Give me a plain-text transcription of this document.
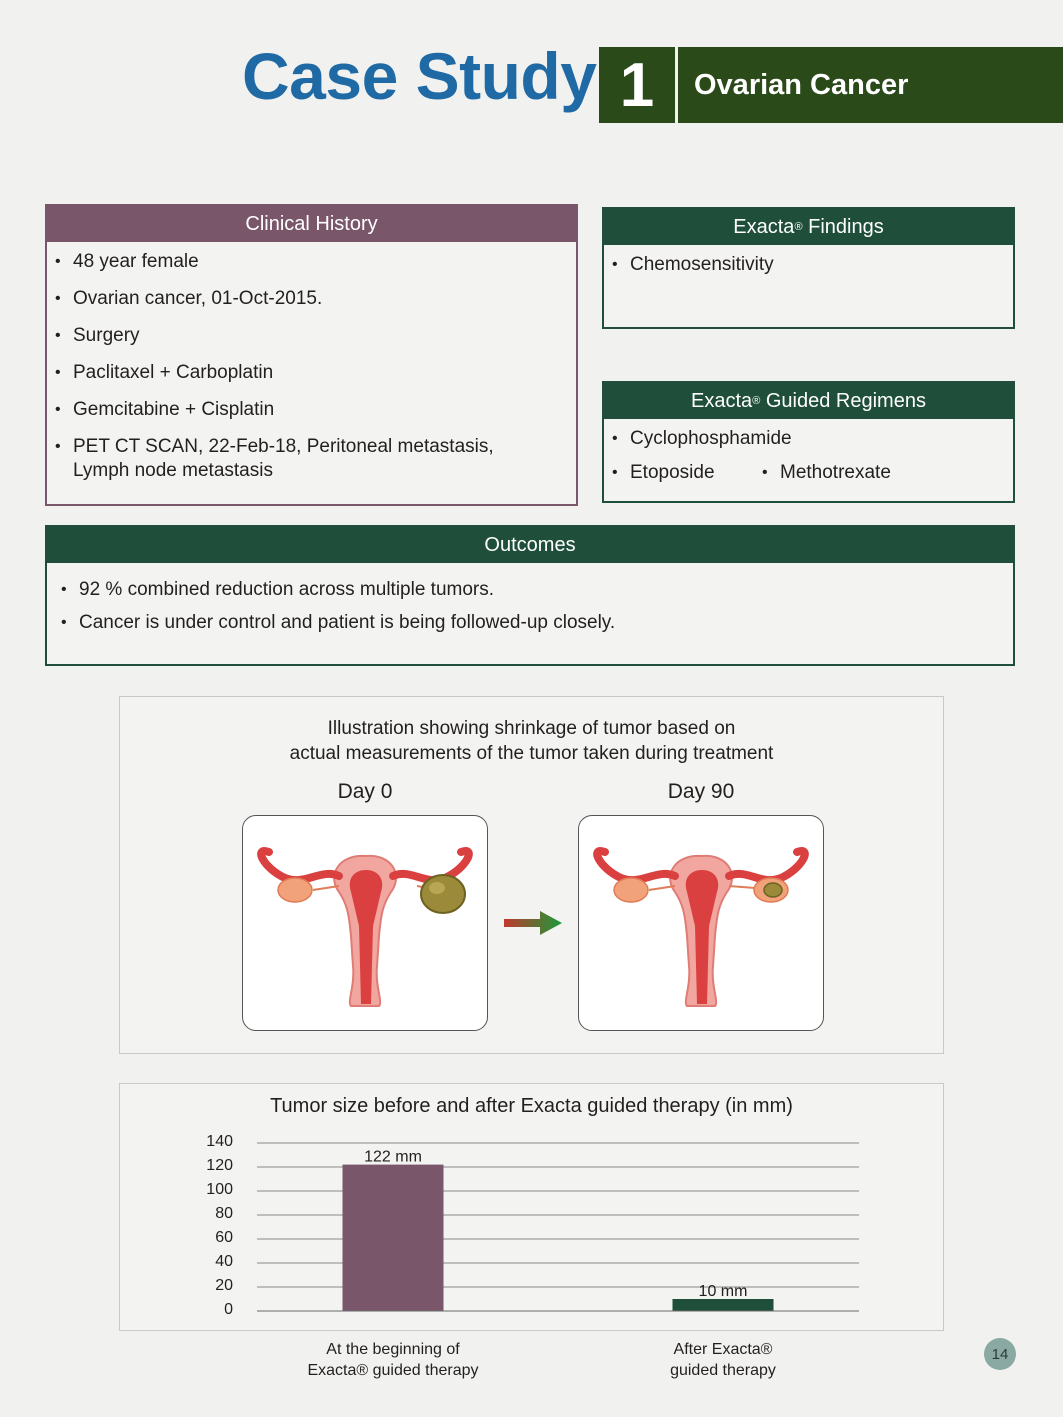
Case Study 1	Ovarian Cancer
Clinical History
• 48 year female
• Ovarian cancer, 01-Oct-2015.
• Surgery
• Paclitaxel + Carboplatin
• Gemcitabine + Cisplatin
• PET CT SCAN, 22-Feb-18, Peritoneal metastasis,
Lymph node metastasis
Exacta ® Findings
• Chemosensitivity
Exacta ® Guided Regimens
• Cyclophosphamide
• Etoposide
•	Methotrexate
Outcomes
• 92 % combined reduction across multiple tumors.
• Cancer is under control and patient is being followed-up closely.
Illustration showing shrinkage of tumor based on
actual measurements of the tumor taken during treatment
Day 0	Day 90
Tumor size before and after Exacta guided therapy (in mm)
140
120
100
80
60
40
20
0
122 mm
10 mm
At the beginning of
Exacta® guided therapy
After Exacta®
guided therapy
14
